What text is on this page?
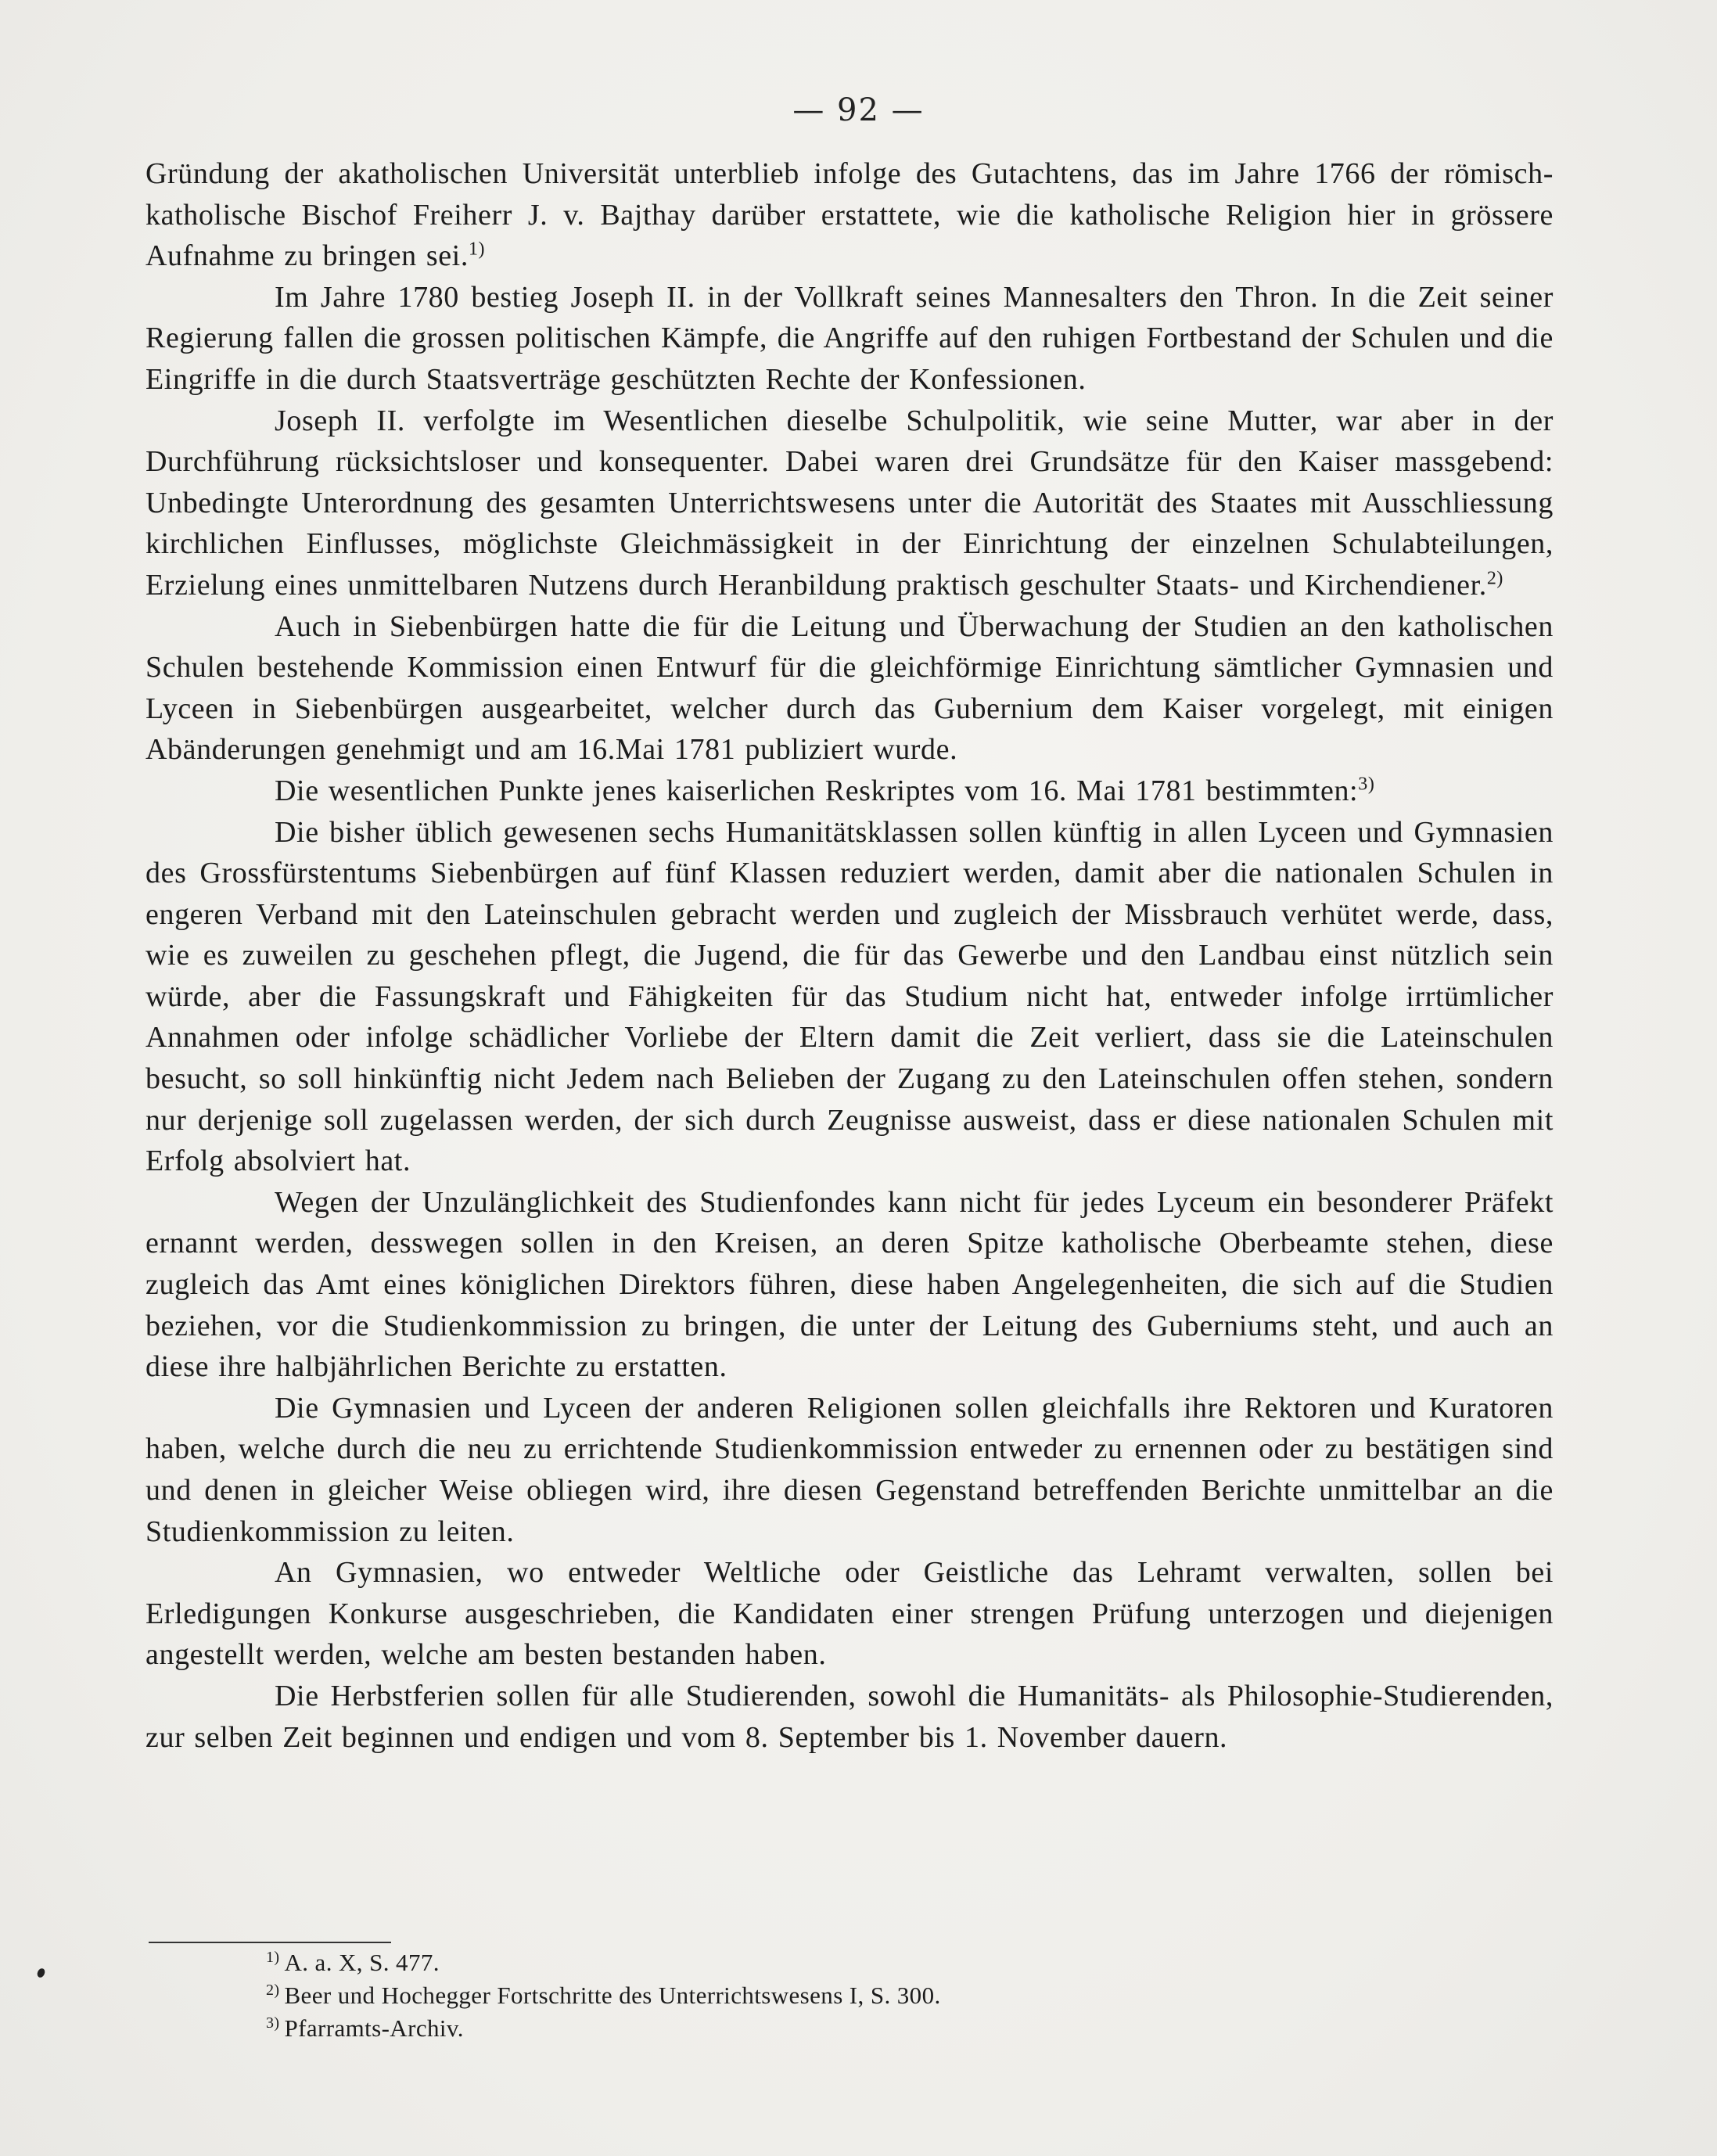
— 92 —

Gründung der akatholischen Universität unterblieb infolge des Gutachtens, das im Jahre 1766 der römisch-katholische Bischof Freiherr J. v. Bajthay darüber erstattete, wie die katholische Religion hier in grössere Aufnahme zu bringen sei.$^{1)}$

Im Jahre 1780 bestieg Joseph II. in der Vollkraft seines Mannesalters den Thron. In die Zeit seiner Regierung fallen die grossen politischen Kämpfe, die Angriffe auf den ruhigen Fortbestand der Schulen und die Eingriffe in die durch Staatsverträge geschützten Rechte der Konfessionen.

Joseph II. verfolgte im Wesentlichen dieselbe Schulpolitik, wie seine Mutter, war aber in der Durchführung rücksichtsloser und konsequenter. Dabei waren drei Grundsätze für den Kaiser massgebend: Unbedingte Unterordnung des gesamten Unterrichtswesens unter die Autorität des Staates mit Ausschliessung kirchlichen Einflusses, möglichste Gleichmässigkeit in der Einrichtung der einzelnen Schulabteilungen, Erzielung eines unmittelbaren Nutzens durch Heranbildung praktisch geschulter Staats- und Kirchendiener.$^{2)}$

Auch in Siebenbürgen hatte die für die Leitung und Überwachung der Studien an den katholischen Schulen bestehende Kommission einen Entwurf für die gleichförmige Einrichtung sämtlicher Gymnasien und Lyceen in Siebenbürgen ausgearbeitet, welcher durch das Gubernium dem Kaiser vorgelegt, mit einigen Abänderungen genehmigt und am 16.Mai 1781 publiziert wurde.

Die wesentlichen Punkte jenes kaiserlichen Reskriptes vom 16. Mai 1781 bestimmten:$^{3)}$

Die bisher üblich gewesenen sechs Humanitätsklassen sollen künftig in allen Lyceen und Gymnasien des Grossfürstentums Siebenbürgen auf fünf Klassen reduziert werden, damit aber die nationalen Schulen in engeren Verband mit den Lateinschulen gebracht werden und zugleich der Missbrauch verhütet werde, dass, wie es zuweilen zu geschehen pflegt, die Jugend, die für das Gewerbe und den Landbau einst nützlich sein würde, aber die Fassungskraft und Fähigkeiten für das Studium nicht hat, entweder infolge irrtümlicher Annahmen oder infolge schädlicher Vorliebe der Eltern damit die Zeit verliert, dass sie die Lateinschulen besucht, so soll hinkünftig nicht Jedem nach Belieben der Zugang zu den Lateinschulen offen stehen, sondern nur derjenige soll zugelassen werden, der sich durch Zeugnisse ausweist, dass er diese nationalen Schulen mit Erfolg absolviert hat.

Wegen der Unzulänglichkeit des Studienfondes kann nicht für jedes Lyceum ein besonderer Präfekt ernannt werden, desswegen sollen in den Kreisen, an deren Spitze katholische Oberbeamte stehen, diese zugleich das Amt eines königlichen Direktors führen, diese haben Angelegenheiten, die sich auf die Studien beziehen, vor die Studienkommission zu bringen, die unter der Leitung des Guberniums steht, und auch an diese ihre halbjährlichen Berichte zu erstatten.

Die Gymnasien und Lyceen der anderen Religionen sollen gleichfalls ihre Rektoren und Kuratoren haben, welche durch die neu zu errichtende Studienkommission entweder zu ernennen oder zu bestätigen sind und denen in gleicher Weise obliegen wird, ihre diesen Gegenstand betreffenden Berichte unmittelbar an die Studienkommission zu leiten.

An Gymnasien, wo entweder Weltliche oder Geistliche das Lehramt verwalten, sollen bei Erledigungen Konkurse ausgeschrieben, die Kandidaten einer strengen Prüfung unterzogen und diejenigen angestellt werden, welche am besten bestanden haben.

Die Herbstferien sollen für alle Studierenden, sowohl die Humanitäts- als Philosophie-Studierenden, zur selben Zeit beginnen und endigen und vom 8. September bis 1. November dauern.

$^{1)}$ A. a. X, S. 477.
$^{2)}$ Beer und Hochegger Fortschritte des Unterrichtswesens I, S. 300.
$^{3)}$ Pfarramts-Archiv.
